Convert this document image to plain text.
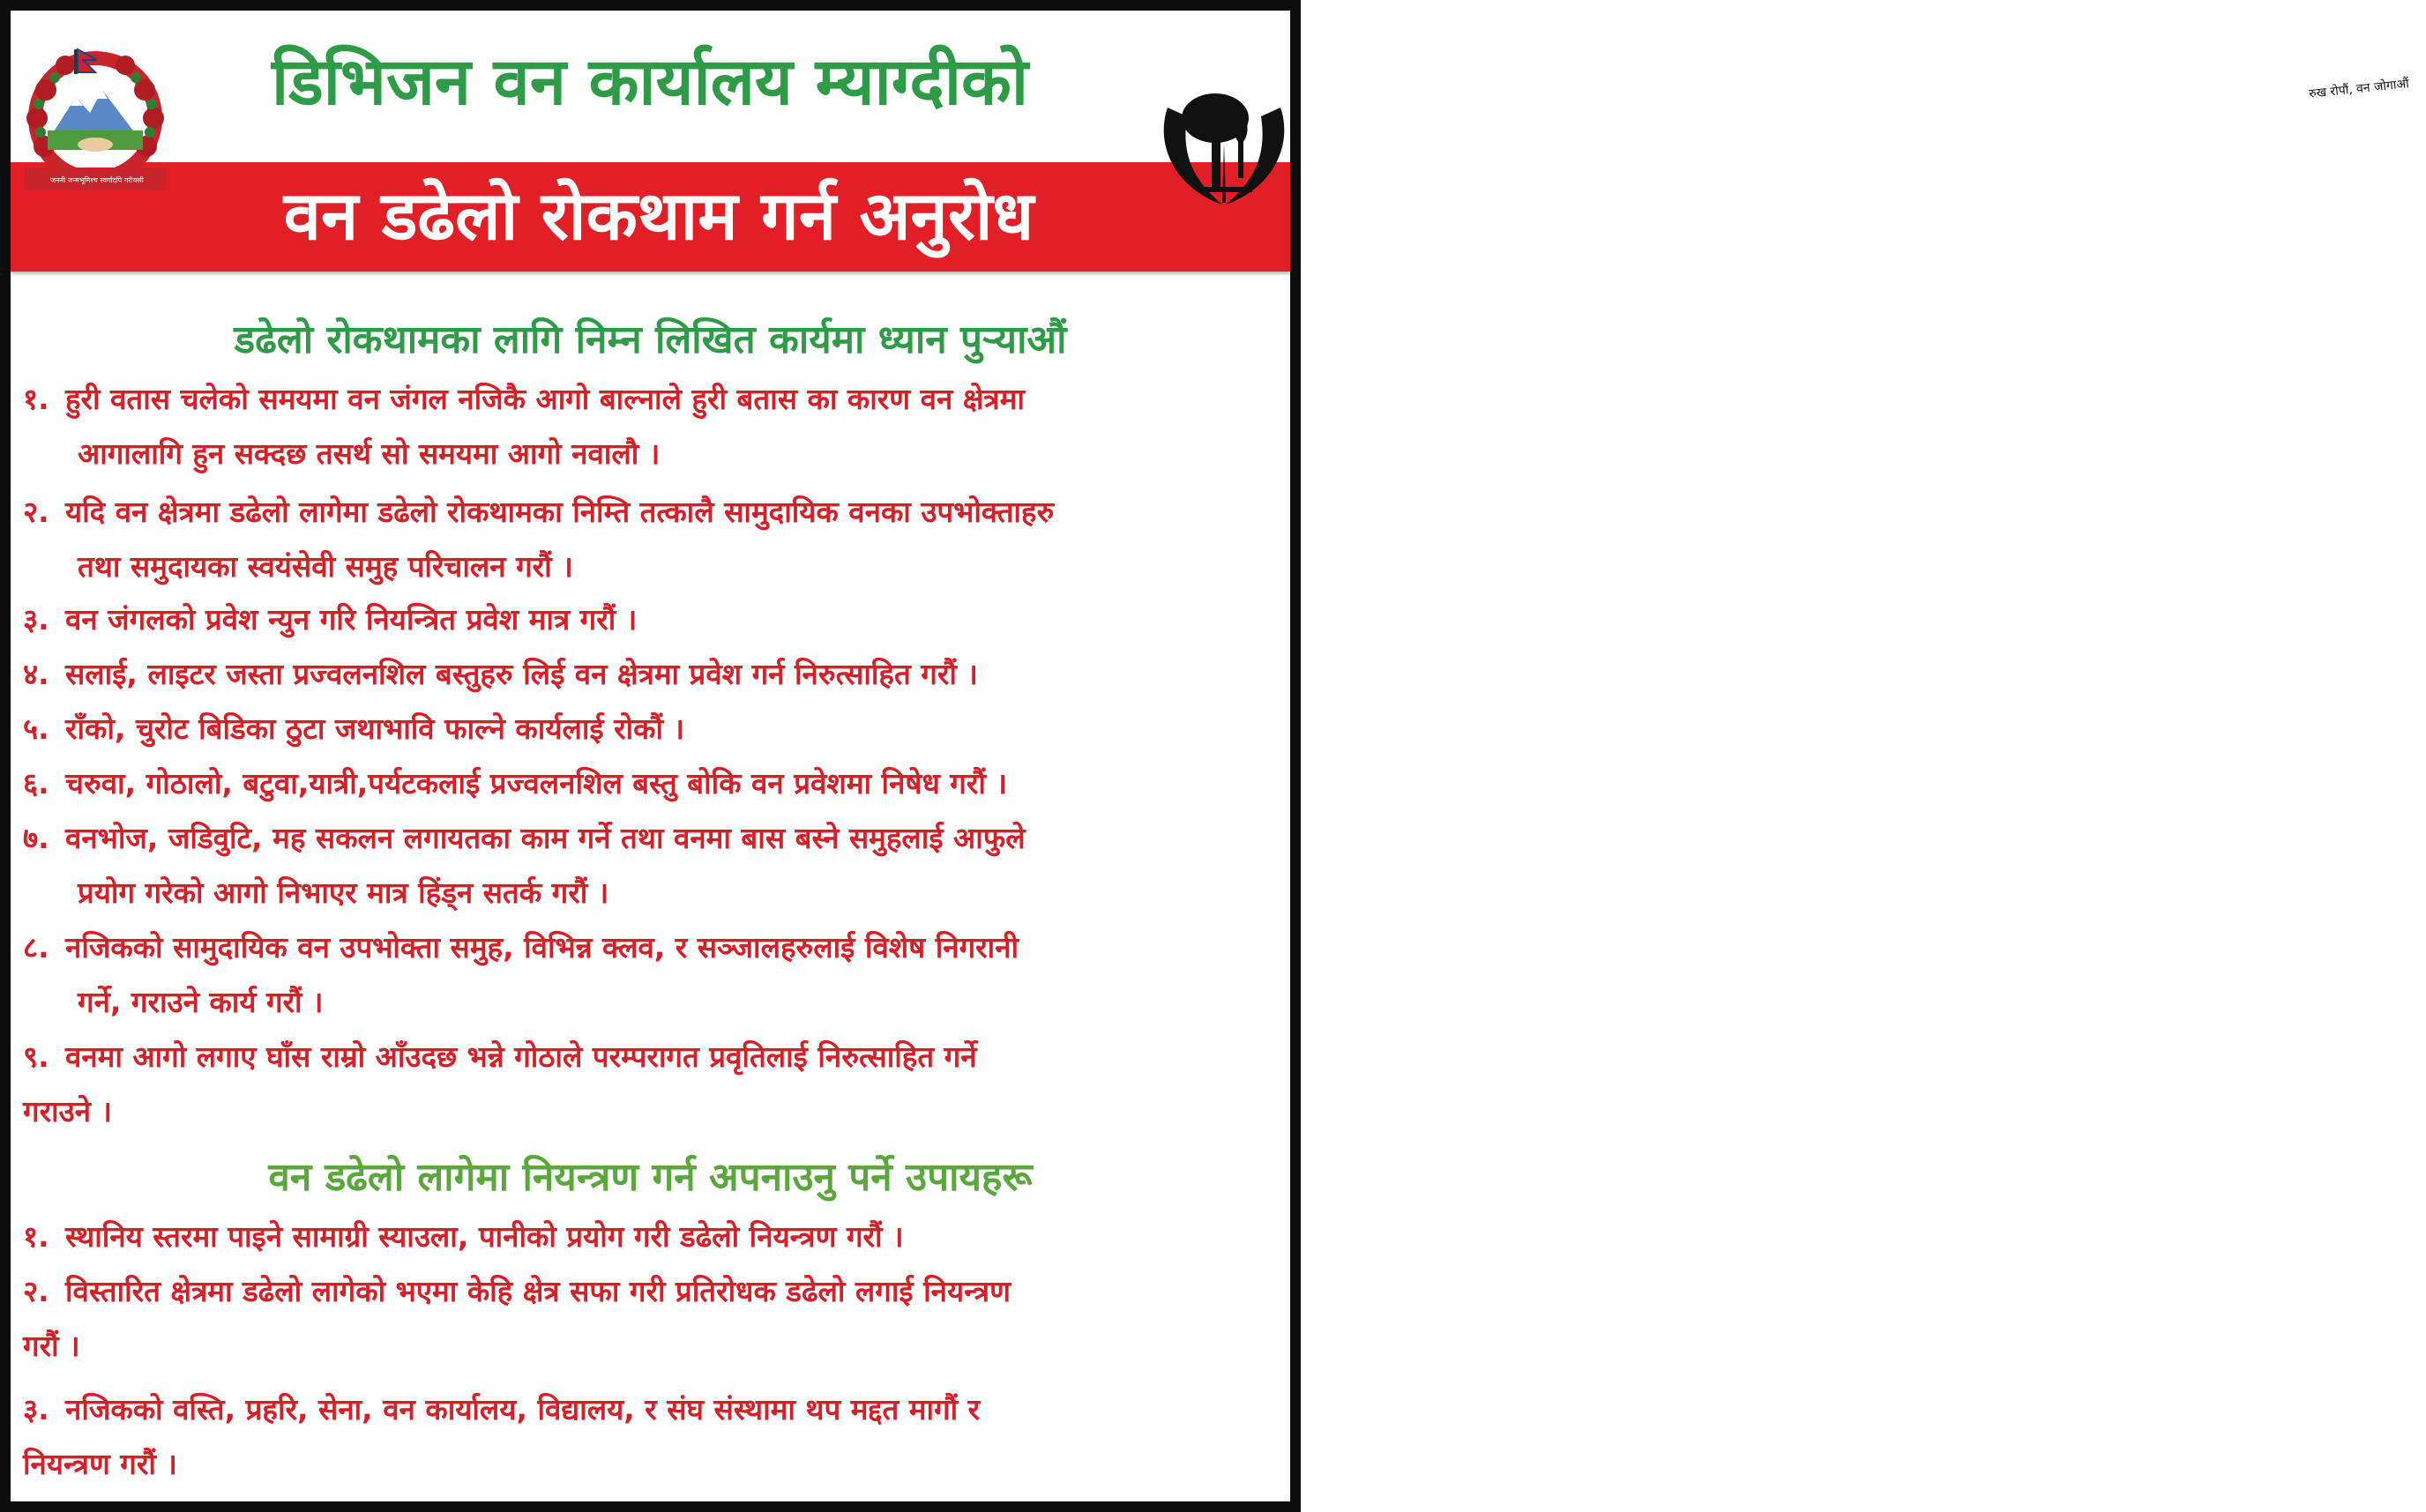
जननी जन्मभूमिश्च स्वर्गादपि गरीयसी
रुख रोपौं, वन जोगाऔं
डिभिजन वन कार्यालय म्याग्दीको
वन डढेलो रोकथाम गर्न अनुरोध
डढेलो रोकथामका लागि निम्न लिखित कार्यमा ध्यान पुर्‍याऔं
१. हुरी वतास चलेको समयमा वन जंगल नजिकै आगो बाल्नाले हुरी बतास का कारण वन क्षेत्रमा
आगालागि हुन सक्दछ तसर्थ सो समयमा आगो नवालौ ।
२. यदि वन क्षेत्रमा डढेलो लागेमा डढेलो रोकथामका निम्ति तत्कालै सामुदायिक वनका उपभोक्ताहरु
तथा समुदायका स्वयंसेवी समुह परिचालन गरौं ।
३. वन जंगलको प्रवेश न्युन गरि नियन्त्रित प्रवेश मात्र गरौं ।
४. सलाई, लाइटर जस्ता प्रज्वलनशिल बस्तुहरु लिई वन क्षेत्रमा प्रवेश गर्न निरुत्साहित गरौं ।
५. रॉंको, चुरोट बिडिका ठुटा जथाभावि फाल्ने कार्यलाई रोकौं ।
६. चरुवा, गोठालो, बटुवा,यात्री,पर्यटकलाई प्रज्वलनशिल बस्तु बोकि वन प्रवेशमा निषेध गरौं ।
७. वनभोज, जडिवुटि, मह सकलन लगायतका काम गर्ने तथा वनमा बास बस्ने समुहलाई आफुले
प्रयोग गरेको आगो निभाएर मात्र हिंड्न सतर्क गरौं ।
८. नजिकको सामुदायिक वन उपभोक्ता समुह, विभिन्न क्लव, र सञ्जालहरुलाई विशेष निगरानी
गर्ने, गराउने कार्य गरौं ।
९. वनमा आगो लगाए घाँस राम्रो आँउदछ भन्ने गोठाले परम्परागत प्रवृतिलाई निरुत्साहित गर्ने
गराउने ।
वन डढेलो लागेमा नियन्त्रण गर्न अपनाउनु पर्ने उपायहरू
१. स्थानिय स्तरमा पाइने सामाग्री स्याउला, पानीको प्रयोग गरी डढेलो नियन्त्रण गरौं ।
२. विस्तारित क्षेत्रमा डढेलो लागेको भएमा केहि क्षेत्र सफा गरी प्रतिरोधक डढेलो लगाई नियन्त्रण
गरौं ।
३. नजिकको वस्ति, प्रहरि, सेना, वन कार्यालय, विद्यालय, र संघ संस्थामा थप मद्दत मागौं र
नियन्त्रण गरौं ।
